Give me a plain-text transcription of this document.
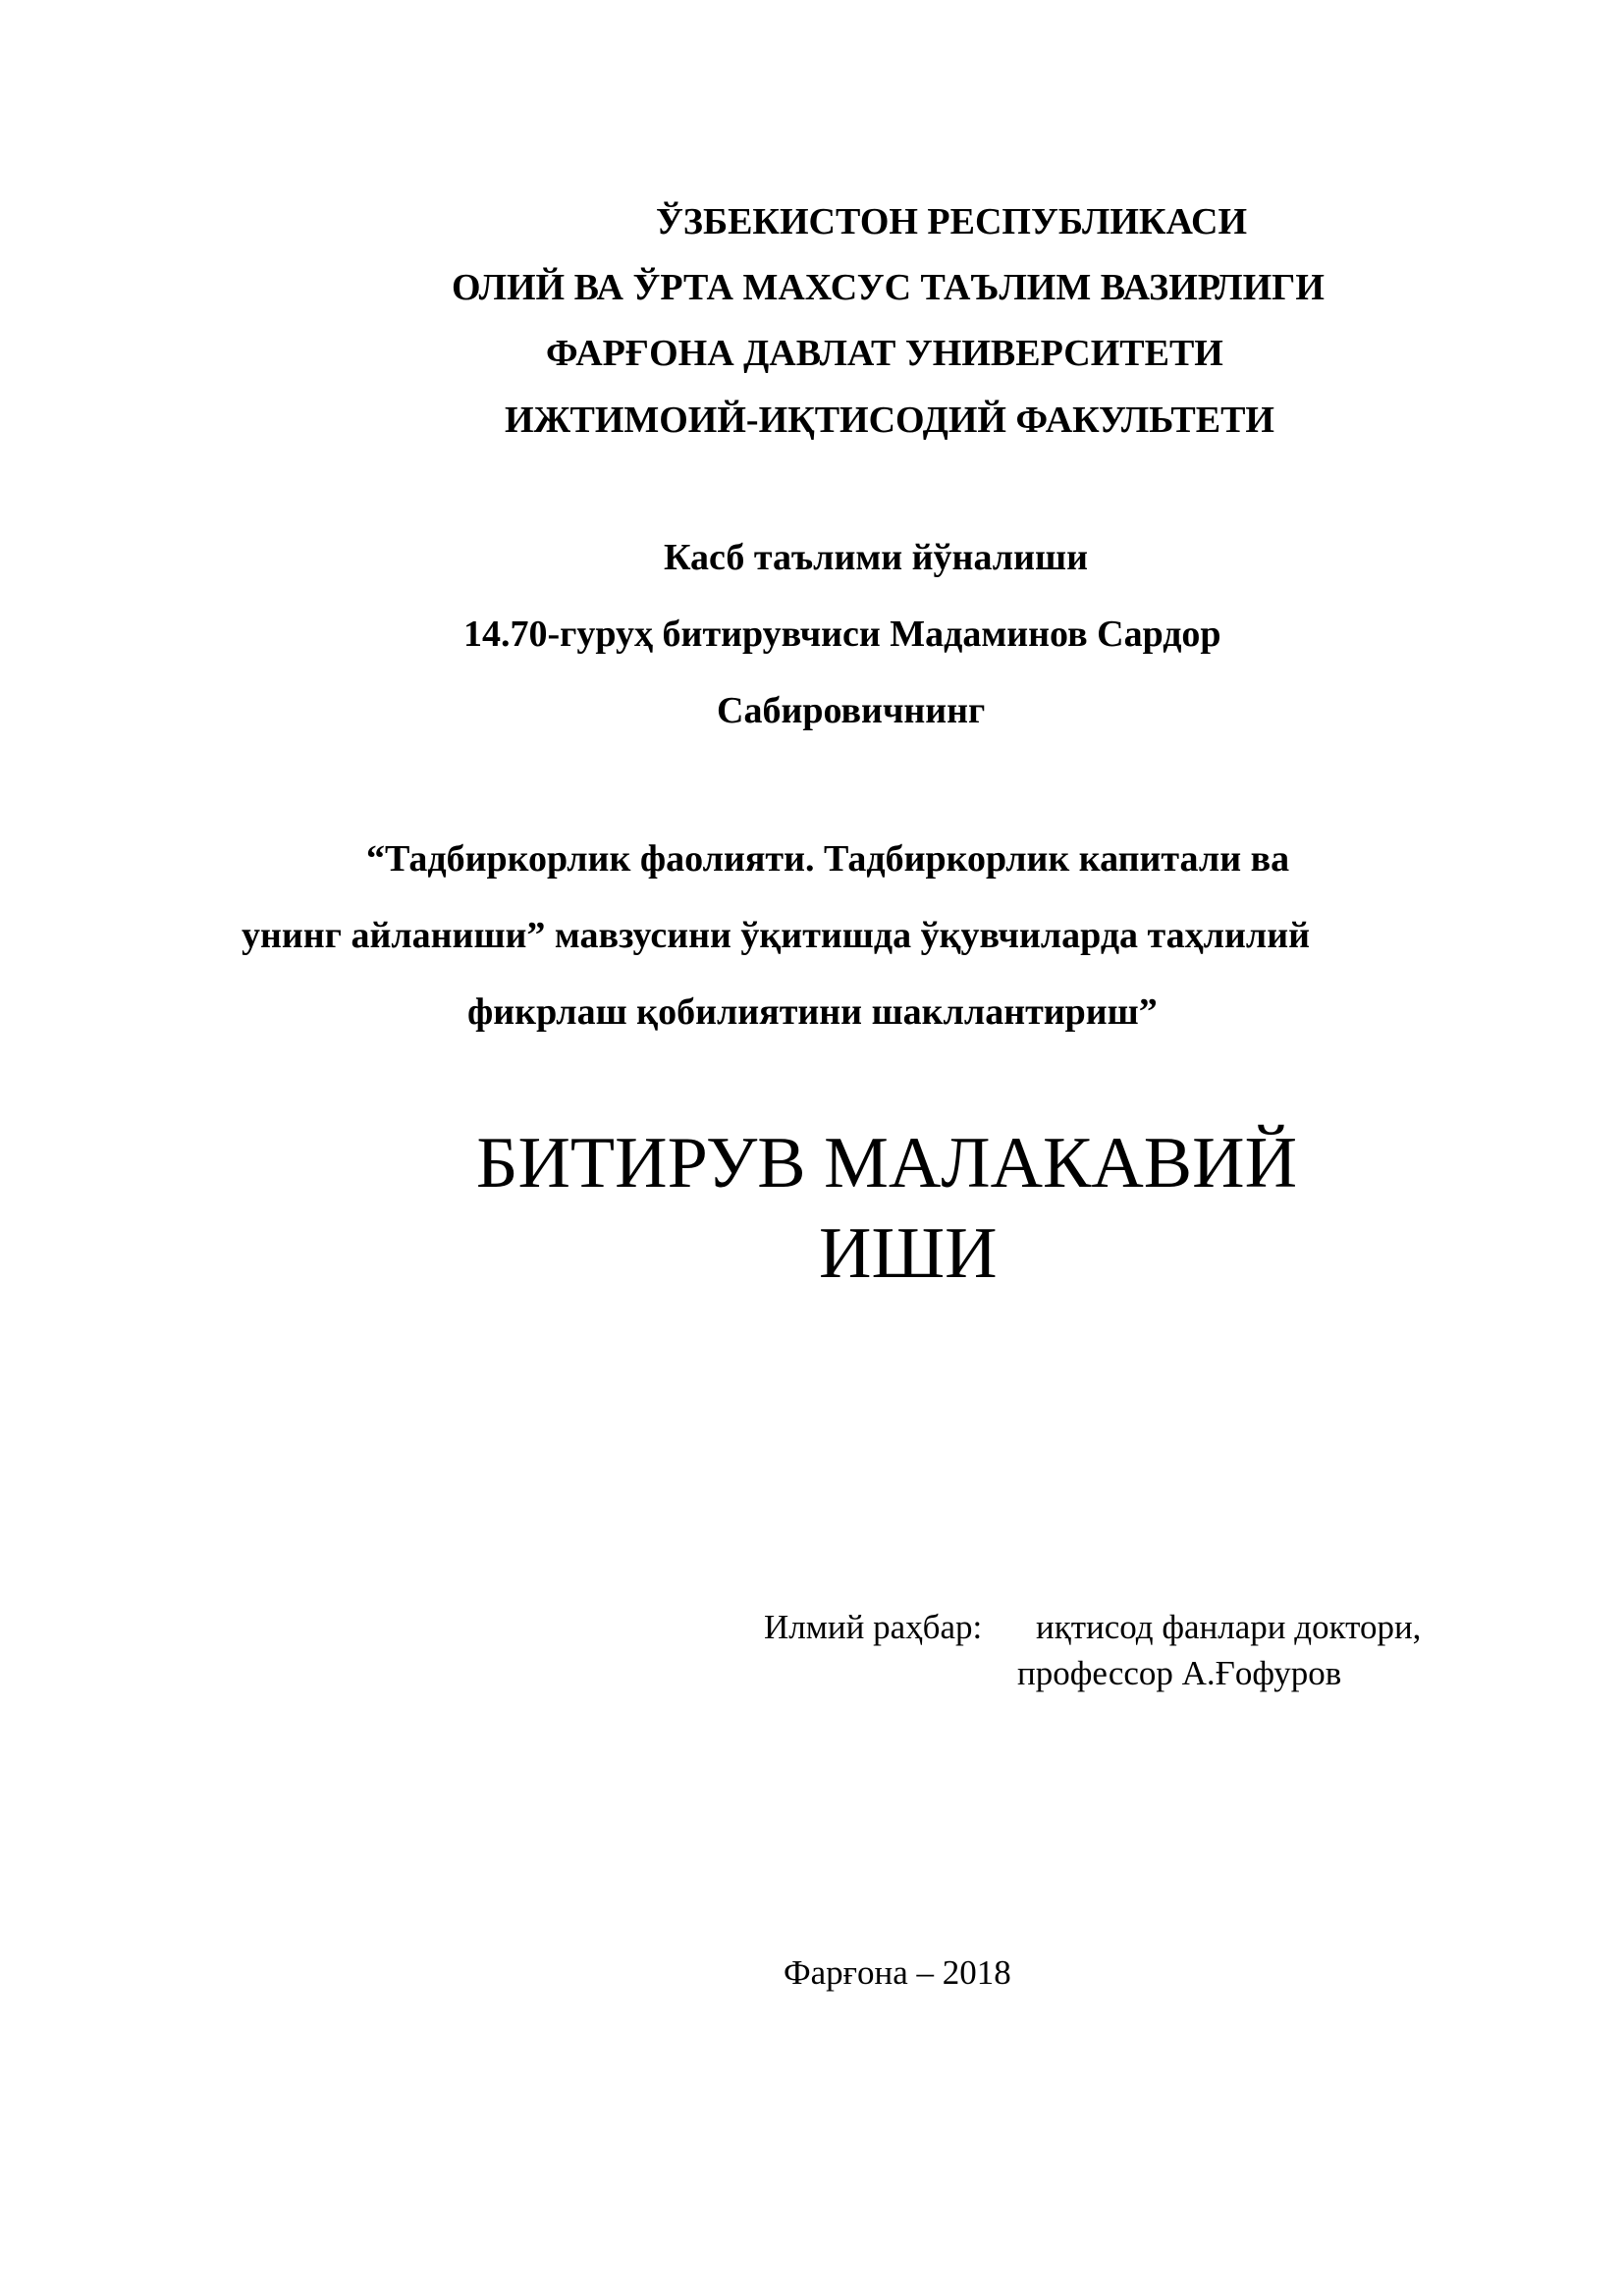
ЎЗБЕКИСТОН РЕСПУБЛИКАСИ
ОЛИЙ ВА ЎРТА МАХСУС ТАЪЛИМ ВАЗИРЛИГИ
ФАРҒОНА ДАВЛАТ УНИВЕРСИТЕТИ
ИЖТИМОИЙ-ИҚТИСОДИЙ ФАКУЛЬТЕТИ
Касб таълими йўналиши
14.70-гуруҳ битирувчиси Мадаминов Сардор
Сабировичнинг
“Тадбиркорлик фаолияти. Тадбиркорлик капитали ва
унинг айланиши” мавзусини ўқитишда ўқувчиларда таҳлилий
фикрлаш қобилиятини шакллантириш”
БИТИРУВ МАЛАКАВИЙ
ИШИ
Илмий раҳбар: иқтисод фанлари доктори,
профессор А.Ғофуров
Фарғона – 2018
